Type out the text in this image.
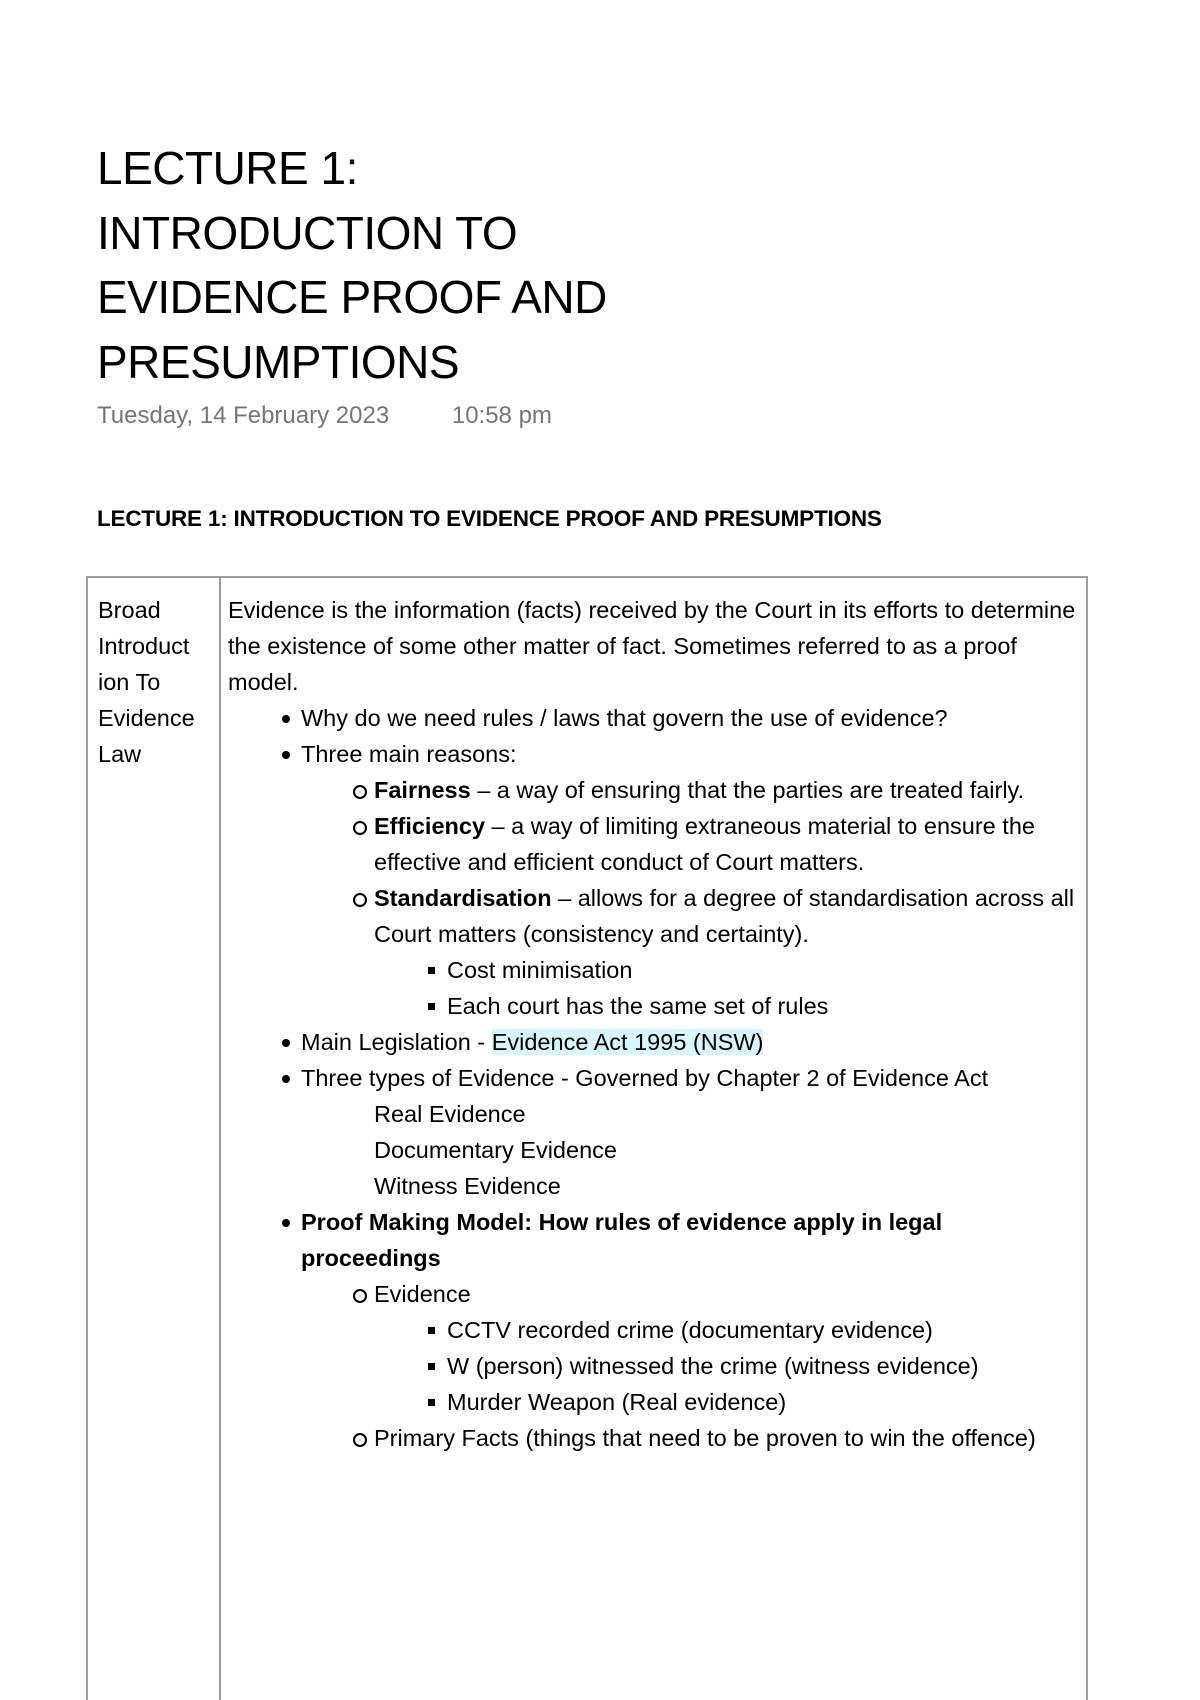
LECTURE 1:
INTRODUCTION TO
EVIDENCE PROOF AND
PRESUMPTIONS
Tuesday, 14 February 2023	10:58 pm
LECTURE 1: INTRODUCTION TO EVIDENCE PROOF AND PRESUMPTIONS
Broad
Introduct
ion To
Evidence
Law

Evidence is the information (facts) received by the Court in its efforts to determine the existence of some other matter of fact. Sometimes referred to as a proof model.

Why do we need rules / laws that govern the use of evidence?
Three main reasons:
Fairness – a way of ensuring that the parties are treated fairly.
Efficiency – a way of limiting extraneous material to ensure the effective and efficient conduct of Court matters.
Standardisation – allows for a degree of standardisation across all Court matters (consistency and certainty).
Cost minimisation
Each court has the same set of rules
Main Legislation - Evidence Act 1995 (NSW)
Three types of Evidence - Governed by Chapter 2 of Evidence Act

Real Evidence

Documentary Evidence

Witness Evidence

Proof Making Model: How rules of evidence apply in legal proceedings
Evidence
CCTV recorded crime (documentary evidence)
W (person) witnessed the crime (witness evidence)
Murder Weapon (Real evidence)
Primary Facts (things that need to be proven to win the offence)
